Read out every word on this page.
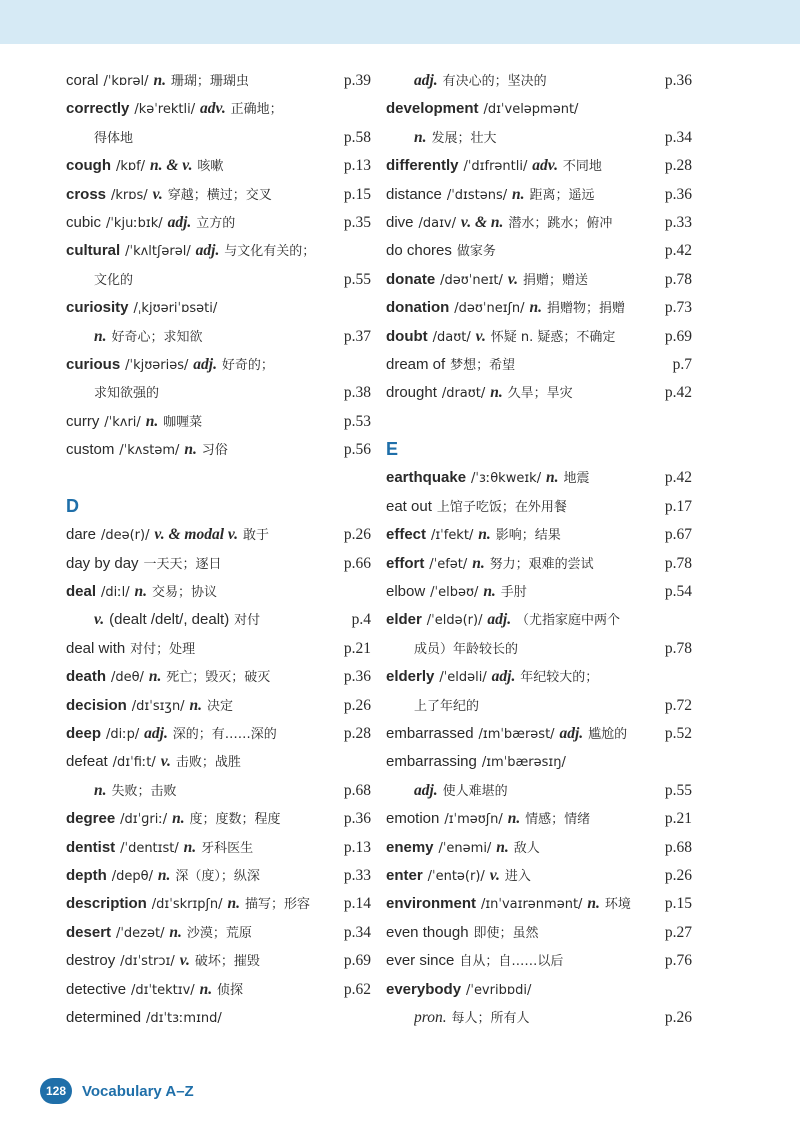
coral /ˈkɒrəl/ n. 珊瑚；珊瑚虫	p.39
correctly /kəˈrektli/ adv. 正确地；
得体地	p.58
cough /kɒf/ n. & v. 咳嗽	p.13
cross /krɒs/ v. 穿越；横过；交叉	p.15
cubic /ˈkjuːbɪk/ adj. 立方的	p.35
cultural /ˈkʌltʃərəl/ adj. 与文化有关的；
文化的	p.55
curiosity /ˌkjʊəriˈɒsəti/
n. 好奇心；求知欲	p.37
curious /ˈkjʊəriəs/ adj. 好奇的；
求知欲强的	p.38
curry /ˈkʌri/ n. 咖喱菜	p.53
custom /ˈkʌstəm/ n. 习俗	p.56
D
dare /deə(r)/ v. & modal v. 敢于	p.26
day by day 一天天；逐日	p.66
deal /diːl/ n. 交易；协议
v. (dealt /delt/, dealt) 对付	p.4
deal with 对付；处理	p.21
death /deθ/ n. 死亡；毁灭；破灭	p.36
decision /dɪˈsɪʒn/ n. 决定	p.26
deep /diːp/ adj. 深的；有……深的	p.28
defeat /dɪˈfiːt/ v. 击败；战胜
n. 失败；击败	p.68
degree /dɪˈɡriː/ n. 度；度数；程度	p.36
dentist /ˈdentɪst/ n. 牙科医生	p.13
depth /depθ/ n. 深（度）；纵深	p.33
description /dɪˈskrɪpʃn/ n. 描写；形容	p.14
desert /ˈdezət/ n. 沙漠；荒原	p.34
destroy /dɪˈstrɔɪ/ v. 破坏；摧毁	p.69
detective /dɪˈtektɪv/ n. 侦探	p.62
determined /dɪˈtɜːmɪnd/
adj. 有决心的；坚决的	p.36
development /dɪˈveləpmənt/
n. 发展；壮大	p.34
differently /ˈdɪfrəntli/ adv. 不同地	p.28
distance /ˈdɪstəns/ n. 距离；遥远	p.36
dive /daɪv/ v. & n. 潜水；跳水；俯冲	p.33
do chores 做家务	p.42
donate /dəʊˈneɪt/ v. 捐赠；赠送	p.78
donation /dəʊˈneɪʃn/ n. 捐赠物；捐赠	p.73
doubt /daʊt/ v. 怀疑 n. 疑惑；不确定	p.69
dream of 梦想；希望	p.7
drought /draʊt/ n. 久旱；旱灾	p.42
E
earthquake /ˈɜːθkweɪk/ n. 地震	p.42
eat out 上馆子吃饭；在外用餐	p.17
effect /ɪˈfekt/ n. 影响；结果	p.67
effort /ˈefət/ n. 努力；艰难的尝试	p.78
elbow /ˈelbəʊ/ n. 手肘	p.54
elder /ˈeldə(r)/ adj. （尤指家庭中两个
成员）年龄较长的	p.78
elderly /ˈeldəli/ adj. 年纪较大的；
上了年纪的	p.72
embarrassed /ɪmˈbærəst/ adj. 尴尬的	p.52
embarrassing /ɪmˈbærəsɪŋ/
adj. 使人难堪的	p.55
emotion /ɪˈməʊʃn/ n. 情感；情绪	p.21
enemy /ˈenəmi/ n. 敌人	p.68
enter /ˈentə(r)/ v. 进入	p.26
environment /ɪnˈvaɪrənmənt/ n. 环境	p.15
even though 即使；虽然	p.27
ever since 自从；自……以后	p.76
everybody /ˈevribɒdi/
pron. 每人；所有人	p.26
128	Vocabulary A–Z
